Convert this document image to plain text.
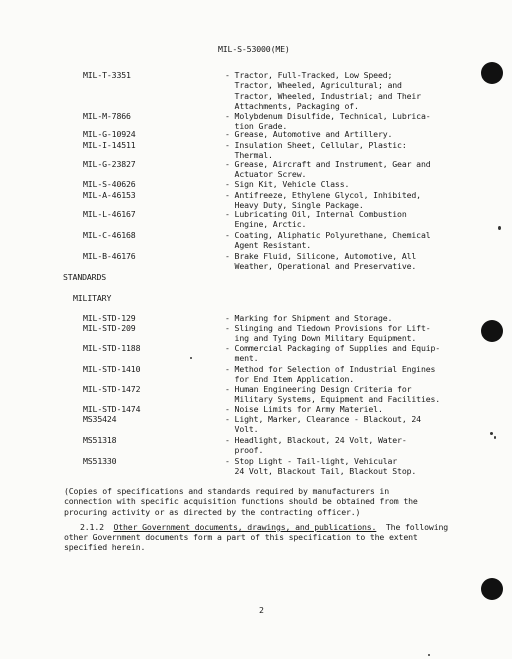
MIL-S-53000(ME)
MIL-T-3351	- Tractor, Full-Tracked, Low Speed;
Tractor, Wheeled, Agricultural; and
Tractor, Wheeled, Industrial; and Their
Attachments, Packaging of.
MIL-M-7866	- Molybdenum Disulfide, Technical, Lubrica-
tion Grade.
MIL-G-10924	- Grease, Automotive and Artillery.
MIL-I-14511	- Insulation Sheet, Cellular, Plastic:
Thermal.
MIL-G-23827	- Grease, Aircraft and Instrument, Gear and
Actuator Screw.
MIL-S-40626	- Sign Kit, Vehicle Class.
MIL-A-46153	- Antifreeze, Ethylene Glycol, Inhibited,
Heavy Duty, Single Package.
MIL-L-46167	- Lubricating Oil, Internal Combustion
Engine, Arctic.
MIL-C-46168	- Coating, Aliphatic Polyurethane, Chemical
Agent Resistant.
MIL-B-46176	- Brake Fluid, Silicone, Automotive, All
Weather, Operational and Preservative.
STANDARDS
MILITARY
MIL-STD-129	- Marking for Shipment and Storage.
MIL-STD-209	- Slinging and Tiedown Provisions for Lift-
ing and Tying Down Military Equipment.
MIL-STD-1188	- Commercial Packaging of Supplies and Equip-
ment.
MIL-STD-1410	- Method for Selection of Industrial Engines
for End Item Application.
MIL-STD-1472	- Human Engineering Design Criteria for
Military Systems, Equipment and Facilities.
MIL-STD-1474	- Noise Limits for Army Materiel.
MS35424	- Light, Marker, Clearance - Blackout, 24
Volt.
MS51318	- Headlight, Blackout, 24 Volt, Water-
proof.
MS51330	- Stop Light - Tail-light, Vehicular
24 Volt, Blackout Tail, Blackout Stop.
(Copies of specifications and standards required by manufacturers in
connection with specific acquisition functions should be obtained from the
procuring activity or as directed by the contracting officer.)
2.1.2 Other Government documents, drawings, and publications.  The following
other Government documents form a part of this specification to the extent
specified herein.
2
